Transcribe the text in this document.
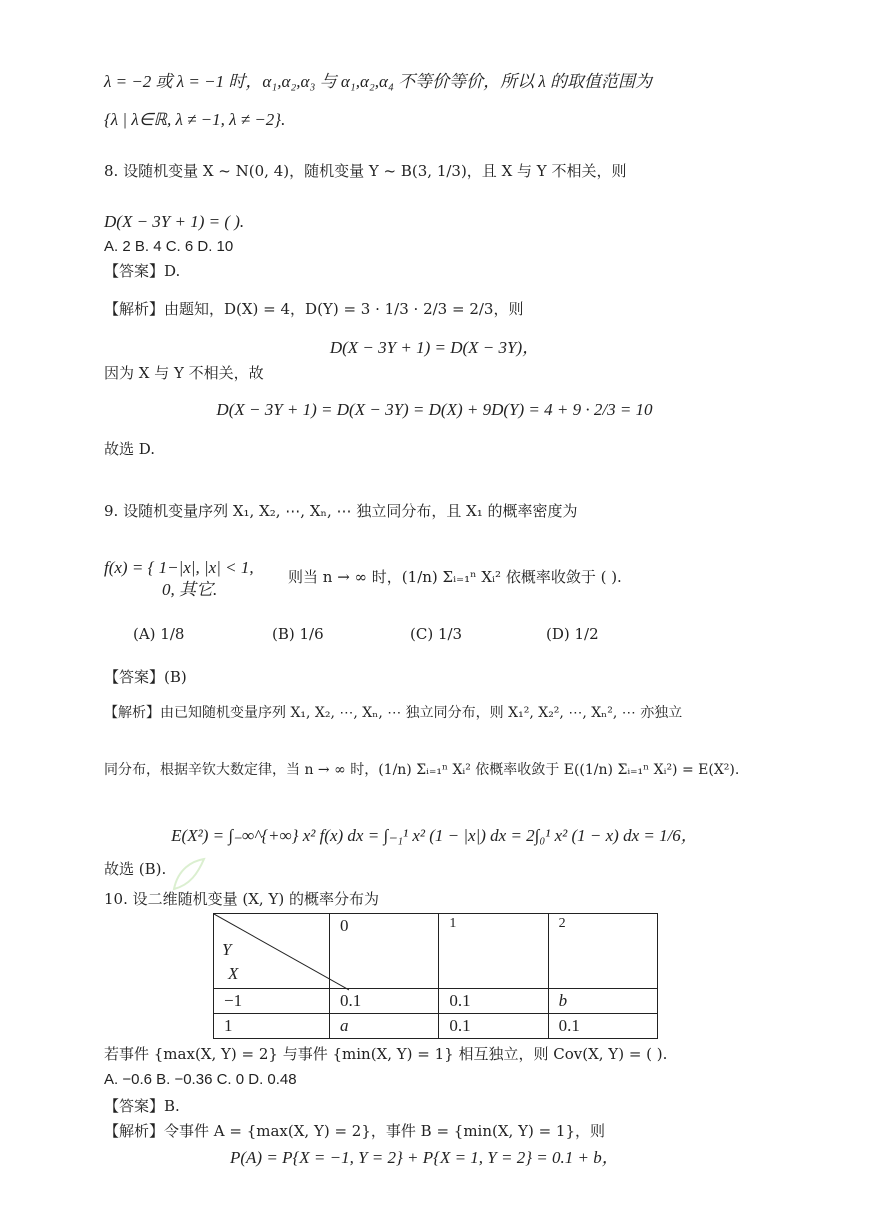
λ = −2 或 λ = −1 时，α₁,α₂,α₃ 与 α₁,α₂,α₄ 不等价等价，所以 λ 的取值范围为
{λ | λ∈ℝ, λ ≠ −1, λ ≠ −2}.
8. 设随机变量 X ~ N(0, 4)，随机变量 Y ~ B(3, 1/3)，且 X 与 Y 不相关，则
D(X − 3Y + 1) = ( ).
A. 2 B. 4 C. 6 D. 10
【答案】D.
【解析】由题知，D(X) = 4，D(Y) = 3 · 1/3 · 2/3 = 2/3，则
D(X − 3Y + 1) = D(X − 3Y)，
因为 X 与 Y 不相关，故
D(X − 3Y + 1) = D(X − 3Y) = D(X) + 9D(Y) = 4 + 9 · 2/3 = 10
故选 D.
9. 设随机变量序列 X₁, X₂, ⋯, Xₙ, ⋯ 独立同分布，且 X₁ 的概率密度为
f(x) = { 1−|x|, |x| < 1,
0, 其它.
则当 n → ∞ 时，(1/n) Σᵢ₌₁ⁿ Xᵢ² 依概率收敛于 ( ).
(A) 1/8	(B) 1/6	(C) 1/3	(D) 1/2
【答案】(B)
【解析】由已知随机变量序列 X₁, X₂, ⋯, Xₙ, ⋯ 独立同分布，则 X₁², X₂², ⋯, Xₙ², ⋯ 亦独立
同分布，根据辛钦大数定律，当 n → ∞ 时，(1/n) Σᵢ₌₁ⁿ Xᵢ² 依概率收敛于 E((1/n) Σᵢ₌₁ⁿ Xᵢ²) = E(X²).
E(X²) = ∫₋∞^{+∞} x² f(x) dx = ∫₋₁¹ x² (1 − |x|) dx = 2∫₀¹ x² (1 − x) dx = 1/6，
故选 (B).
10. 设二维随机变量 (X, Y) 的概率分布为
Y
X	0	1	2
−1	0.1	0.1	b
1	a	0.1	0.1
若事件 {max(X, Y) = 2} 与事件 {min(X, Y) = 1} 相互独立，则 Cov(X, Y) = ( ).
A. −0.6 B. −0.36 C. 0 D. 0.48
【答案】B.
【解析】令事件 A = {max(X, Y) = 2}，事件 B = {min(X, Y) = 1}，则
P(A) = P{X = −1, Y = 2} + P{X = 1, Y = 2} = 0.1 + b，
